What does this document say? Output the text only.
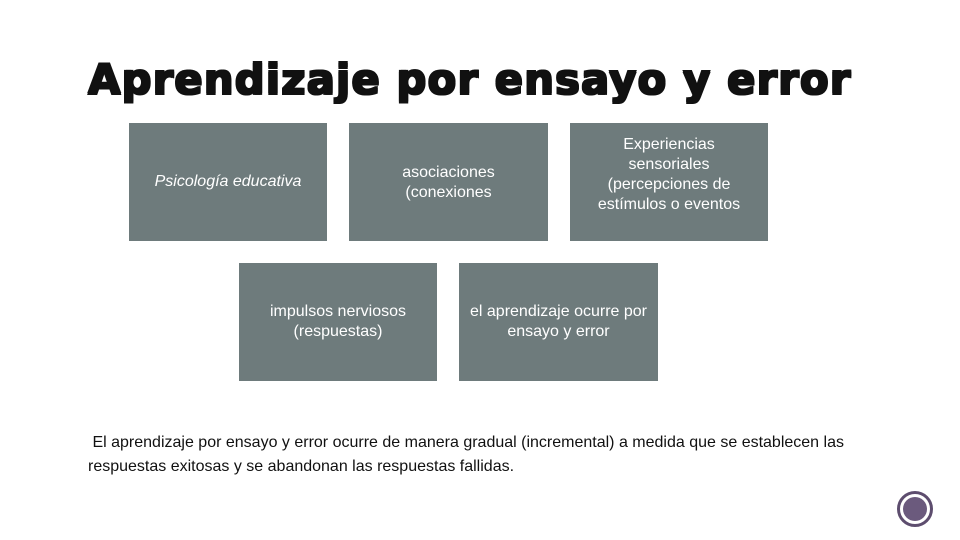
Aprendizaje por ensayo y error
Psicología educativa
asociaciones (conexiones
Experiencias
sensoriales (percepciones de estímulos o eventos
impulsos nerviosos (respuestas)
el aprendizaje ocurre por ensayo y error

El aprendizaje por ensayo y error ocurre de manera gradual (incremental) a medida que se establecen las respuestas exitosas y se abandonan las respuestas fallidas.
